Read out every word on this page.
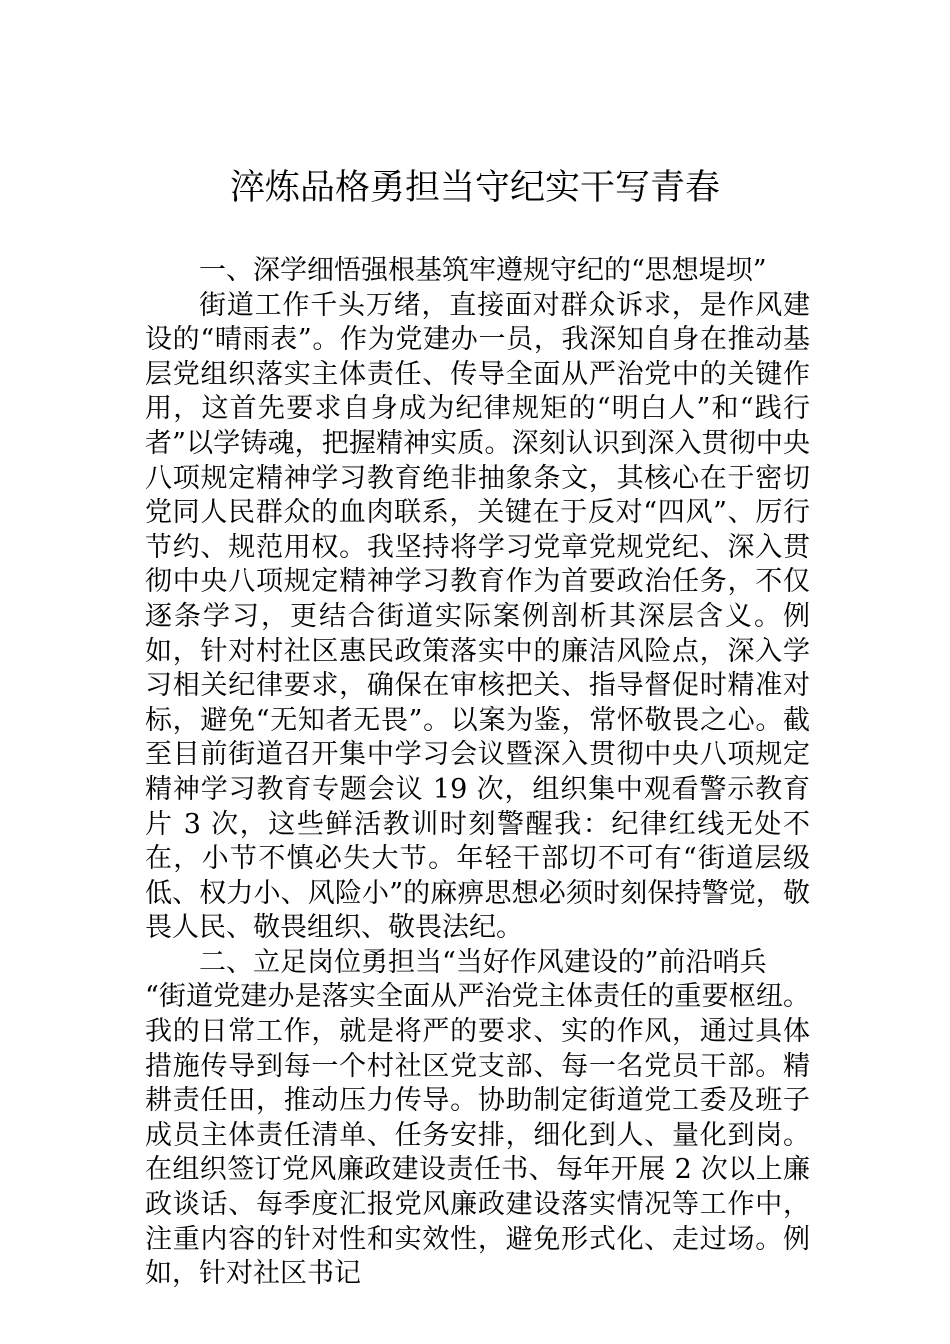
淬炼品格勇担当守纪实干写青春

一、深学细悟强根基筑牢遵规守纪的“思想堤坝”

街道工作千头万绪，直接面对群众诉求，是作风建设的“晴雨表”。作为党建办一员，我深知自身在推动基层党组织落实主体责任、传导全面从严治党中的关键作用，这首先要求自身成为纪律规矩的“明白人”和“践行者”以学铸魂，把握精神实质。深刻认识到深入贯彻中央八项规定精神学习教育绝非抽象条文，其核心在于密切党同人民群众的血肉联系，关键在于反对“四风”、厉行节约、规范用权。我坚持将学习党章党规党纪、深入贯彻中央八项规定精神学习教育作为首要政治任务，不仅逐条学习，更结合街道实际案例剖析其深层含义。例如，针对村社区惠民政策落实中的廉洁风险点，深入学习相关纪律要求，确保在审核把关、指导督促时精准对标，避免“无知者无畏”。以案为鉴，常怀敬畏之心。截至目前街道召开集中学习会议暨深入贯彻中央八项规定精神学习教育专题会议 19 次，组织集中观看警示教育片 3 次，这些鲜活教训时刻警醒我：纪律红线无处不在，小节不慎必失大节。年轻干部切不可有“街道层级低、权力小、风险小”的麻痹思想必须时刻保持警觉，敬畏人民、敬畏组织、敬畏法纪。

二、立足岗位勇担当“当好作风建设的”前沿哨兵

“街道党建办是落实全面从严治党主体责任的重要枢纽。我的日常工作，就是将严的要求、实的作风，通过具体措施传导到每一个村社区党支部、每一名党员干部。精耕责任田，推动压力传导。协助制定街道党工委及班子成员主体责任清单、任务安排，细化到人、量化到岗。在组织签订党风廉政建设责任书、每年开展 2 次以上廉政谈话、每季度汇报党风廉政建设落实情况等工作中，注重内容的针对性和实效性，避免形式化、走过场。例如，针对社区书记
